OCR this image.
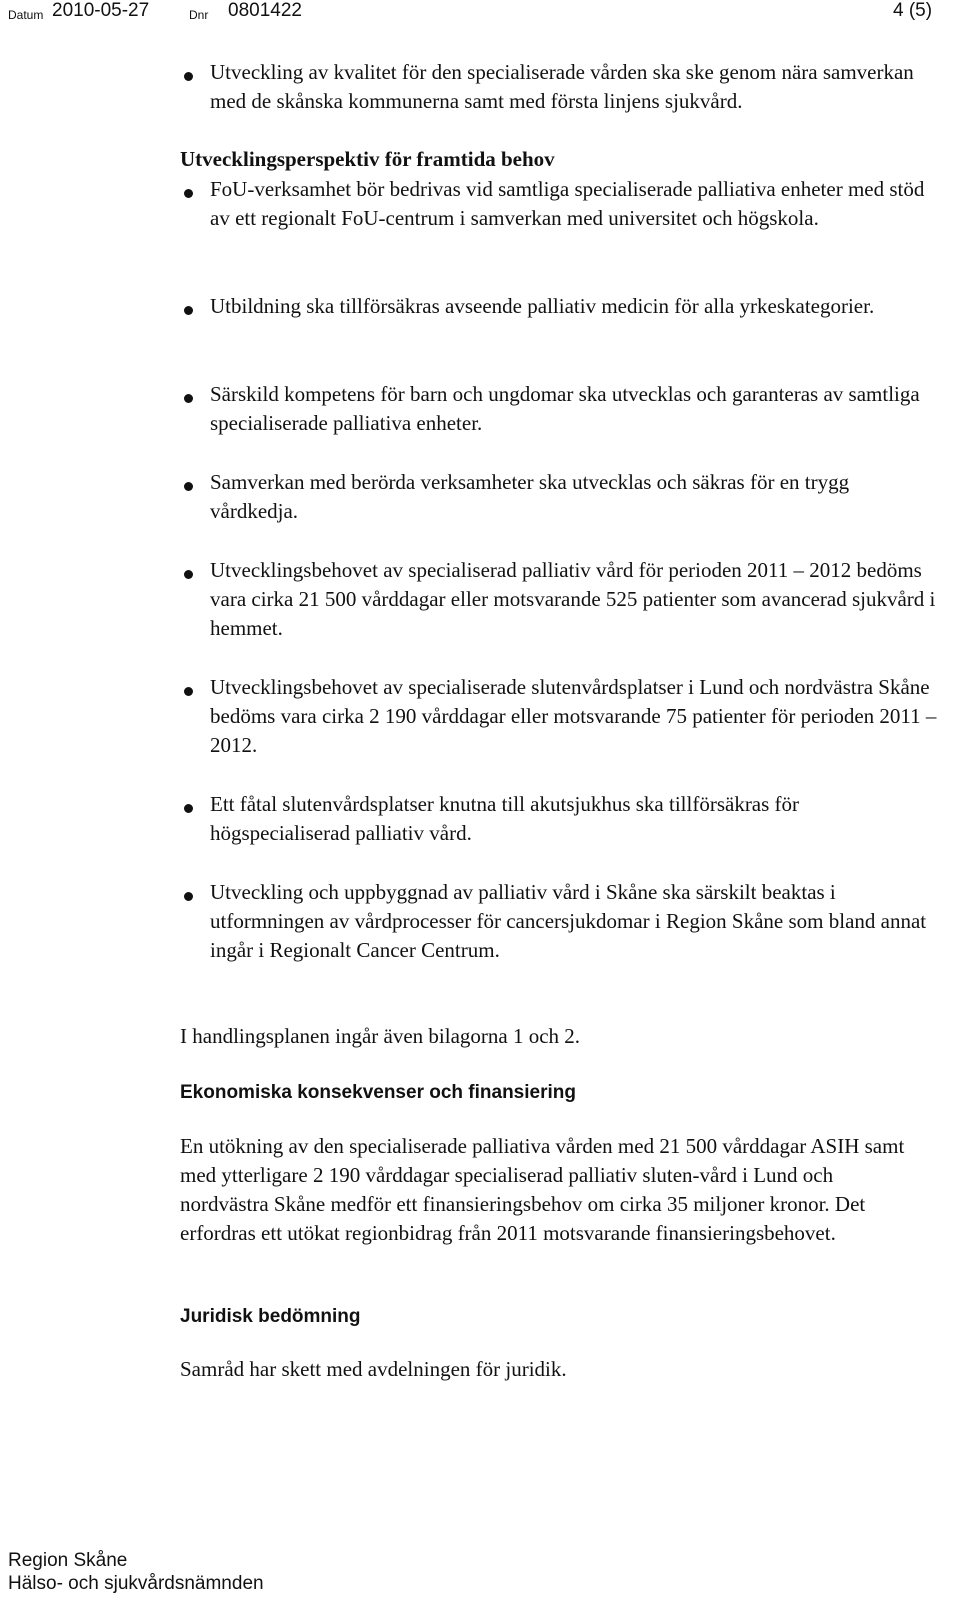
Datum 2010-05-27	Dnr 0801422	4 (5)
Utveckling av kvalitet för den specialiserade vården ska ske genom nära samverkan med de skånska kommunerna samt med första linjens sjukvård.
Utvecklingsperspektiv för framtida behov
FoU-verksamhet bör bedrivas vid samtliga specialiserade palliativa enheter med stöd av ett regionalt FoU-centrum i samverkan med universitet och högskola.
Utbildning ska tillförsäkras avseende palliativ medicin för alla yrkeskategorier.
Särskild kompetens för barn och ungdomar ska utvecklas och garanteras av samtliga specialiserade palliativa enheter.
Samverkan med berörda verksamheter ska utvecklas och säkras för en trygg vårdkedja.
Utvecklingsbehovet av specialiserad palliativ vård för perioden 2011 – 2012 bedöms vara cirka 21 500 vårddagar eller motsvarande 525 patienter som avancerad sjukvård i hemmet.
Utvecklingsbehovet av specialiserade slutenvårdsplatser i Lund och nordvästra Skåne bedöms vara cirka 2 190 vårddagar eller motsvarande 75 patienter för perioden 2011 – 2012.
Ett fåtal slutenvårdsplatser knutna till akutsjukhus ska tillförsäkras för högspecialiserad palliativ vård.
Utveckling och uppbyggnad av palliativ vård i Skåne ska särskilt beaktas i utformningen av vårdprocesser för cancersjukdomar i Region Skåne som bland annat ingår i Regionalt Cancer Centrum.
I handlingsplanen ingår även bilagorna 1 och 2.
Ekonomiska konsekvenser och finansiering
En utökning av den specialiserade palliativa vården med 21 500 vårddagar ASIH samt med ytterligare 2 190 vårddagar specialiserad palliativ sluten-vård i Lund och nordvästra Skåne medför ett finansieringsbehov om cirka 35 miljoner kronor. Det erfordras ett utökat regionbidrag från 2011 motsvarande finansieringsbehovet.
Juridisk bedömning
Samråd har skett med avdelningen för juridik.
Region Skåne
Hälso- och sjukvårdsnämnden
